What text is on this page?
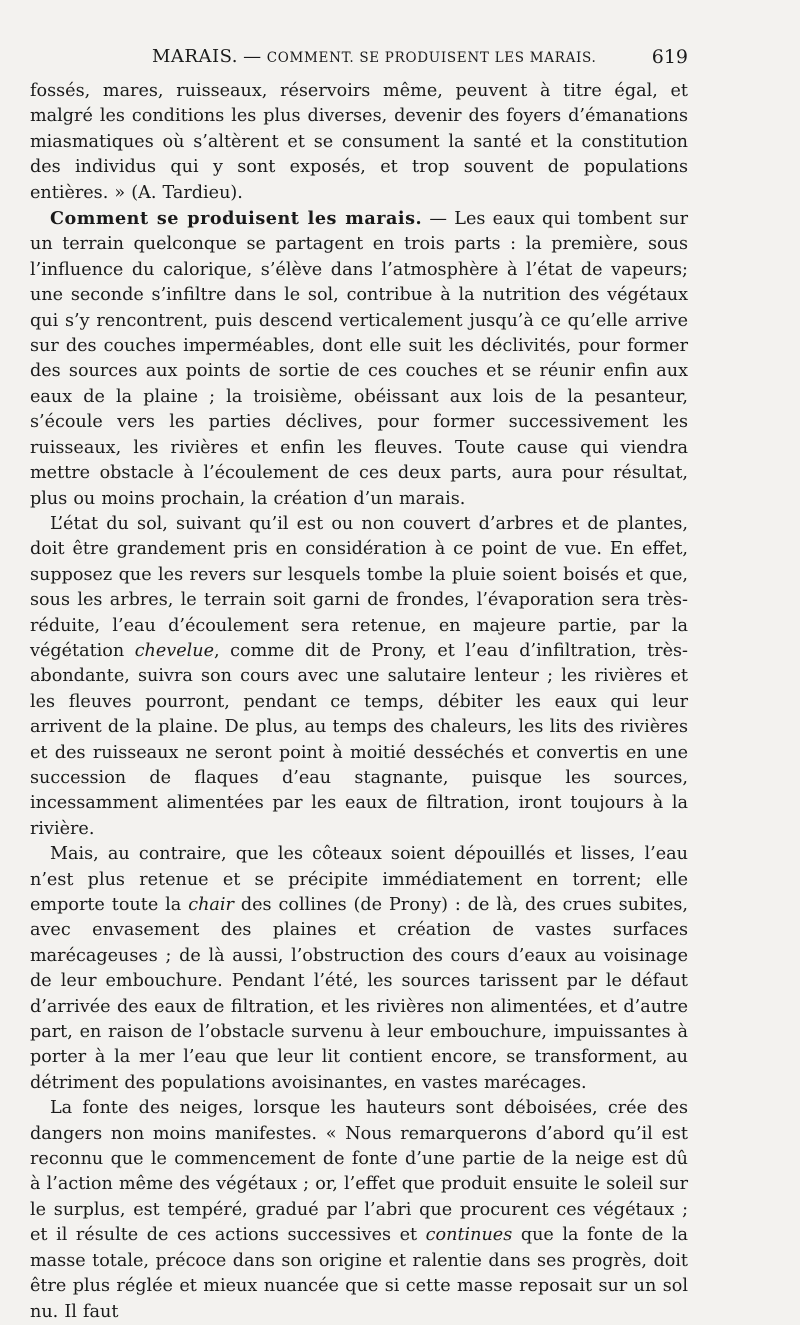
MARAIS. — COMMENT. SE PRODUISENT LES MARAIS.	619

fossés, mares, ruisseaux, réservoirs même, peuvent à titre égal, et malgré les conditions les plus diverses, devenir des foyers d’émanations miasmatiques où s’altèrent et se consument la santé et la constitution des individus qui y sont exposés, et trop souvent de populations entières. » (A. Tardieu).

Comment se produisent les marais. — Les eaux qui tombent sur un terrain quelconque se partagent en trois parts : la première, sous l’influence du calorique, s’élève dans l’atmosphère à l’état de vapeurs; une seconde s’infiltre dans le sol, contribue à la nutrition des végétaux qui s’y rencontrent, puis descend verticalement jusqu’à ce qu’elle arrive sur des couches imperméables, dont elle suit les déclivités, pour former des sources aux points de sortie de ces couches et se réunir enfin aux eaux de la plaine ; la troisième, obéissant aux lois de la pesanteur, s’écoule vers les parties déclives, pour former successivement les ruisseaux, les rivières et enfin les fleuves. Toute cause qui viendra mettre obstacle à l’écoulement de ces deux parts, aura pour résultat, plus ou moins prochain, la création d’un marais.

L’état du sol, suivant qu’il est ou non couvert d’arbres et de plantes, doit être grandement pris en considération à ce point de vue. En effet, supposez que les revers sur lesquels tombe la pluie soient boisés et que, sous les arbres, le terrain soit garni de frondes, l’évaporation sera très-réduite, l’eau d’écoulement sera retenue, en majeure partie, par la végétation chevelue, comme dit de Prony, et l’eau d’infiltration, très-abondante, suivra son cours avec une salutaire lenteur ; les rivières et les fleuves pourront, pendant ce temps, débiter les eaux qui leur arrivent de la plaine. De plus, au temps des chaleurs, les lits des rivières et des ruisseaux ne seront point à moitié desséchés et convertis en une succession de flaques d’eau stagnante, puisque les sources, incessamment alimentées par les eaux de filtration, iront toujours à la rivière.

Mais, au contraire, que les côteaux soient dépouillés et lisses, l’eau n’est plus retenue et se précipite immédiatement en torrent; elle emporte toute la chair des collines (de Prony) : de là, des crues subites, avec envasement des plaines et création de vastes surfaces marécageuses ; de là aussi, l’obstruction des cours d’eaux au voisinage de leur embouchure. Pendant l’été, les sources tarissent par le défaut d’arrivée des eaux de filtration, et les rivières non alimentées, et d’autre part, en raison de l’obstacle survenu à leur embouchure, impuissantes à porter à la mer l’eau que leur lit contient encore, se transforment, au détriment des populations avoisinantes, en vastes marécages.

La fonte des neiges, lorsque les hauteurs sont déboisées, crée des dangers non moins manifestes. « Nous remarquerons d’abord qu’il est reconnu que le commencement de fonte d’une partie de la neige est dû à l’action même des végétaux ; or, l’effet que produit ensuite le soleil sur le surplus, est tempéré, gradué par l’abri que procurent ces végétaux ; et il résulte de ces actions successives et continues que la fonte de la masse totale, précoce dans son origine et ralentie dans ses progrès, doit être plus réglée et mieux nuancée que si cette masse reposait sur un sol nu. Il faut
